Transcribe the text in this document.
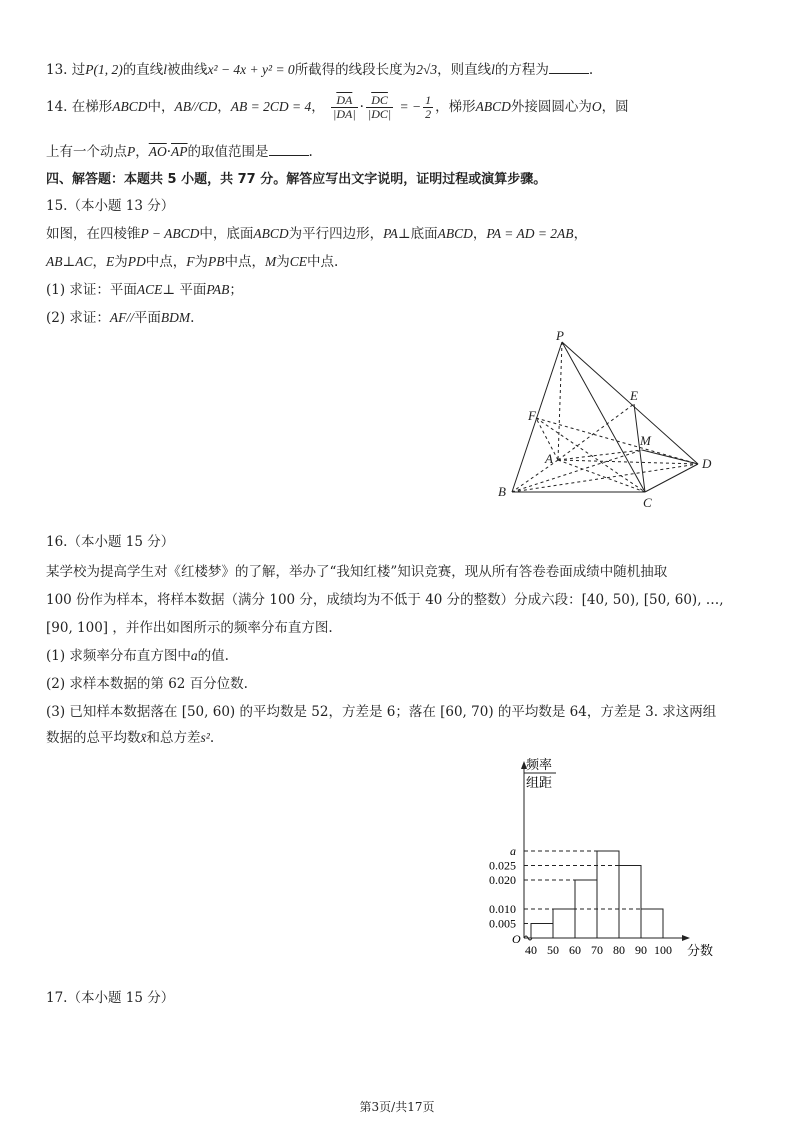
13. 过P(1, 2)的直线l被曲线x² − 4x + y² = 0所截得的线段长度为2√3，则直线l的方程为	.
14. 在梯形ABCD中，AB//CD，AB = 2CD = 4， $\frac{\overline{DA}}{|DA|} \cdot \frac{\overline{DC}}{|DC|}$ = − $\frac{1}{2}$ ，梯形ABCD外接圆圆心为O，圆
上有一个动点P，$\overline{AO}\cdot\overline{AP}$的取值范围是	.
四、解答题：本题共 5 小题，共 77 分。解答应写出文字说明，证明过程或演算步骤。
15.（本小题 13 分）
如图，在四棱锥P − ABCD中，底面ABCD为平行四边形，PA⊥底面ABCD，PA = AD = 2AB，
AB⊥AC，E为PD中点，F为PB中点，M为CE中点.
(1) 求证：平面ACE⊥ 平面PAB；
(2) 求证：AF//平面BDM.
P
A
B
C
D
E
F
M
16.（本小题 15 分）
某学校为提高学生对《红楼梦》的了解，举办了“我知红楼”知识竞赛，现从所有答卷卷面成绩中随机抽取
100 份作为样本，将样本数据（满分 100 分，成绩均为不低于 40 分的整数）分成六段：[40, 50), [50, 60), …,
[90, 100] ，并作出如图所示的频率分布直方图.
(1) 求频率分布直方图中a的值.
(2) 求样本数据的第 62 百分位数.
(3) 已知样本数据落在 [50, 60) 的平均数是 52，方差是 6；落在 [60, 70) 的平均数是 64，方差是 3. 求这两组
数据的总平均数x̄和总方差s².
频率
组距
O
0.005
0.010
0.020
0.025
a
40 50 60 70 80 90 100 分数
17.（本小题 15 分）
第3页/共17页
